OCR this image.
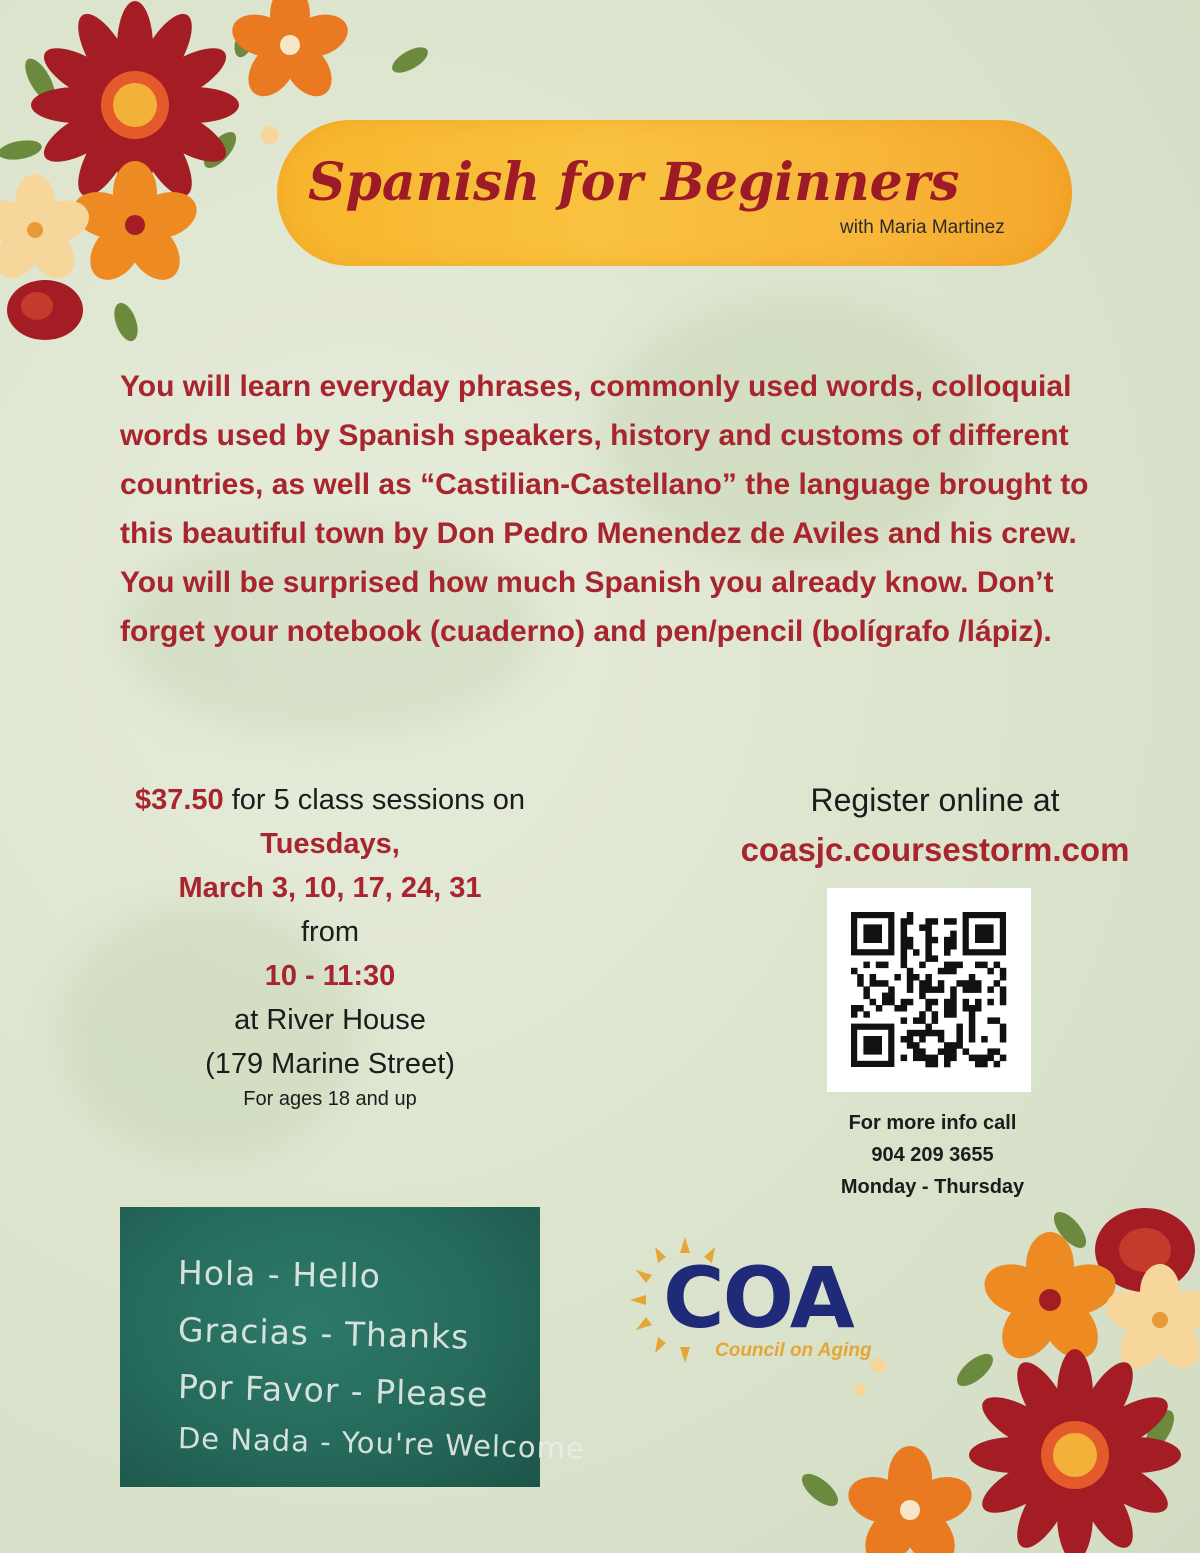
Spanish for Beginners
with Maria Martinez
You will learn everyday phrases, commonly used words, colloquial words used by Spanish speakers, history and customs of different countries, as well as “Castilian-Castellano” the language brought to this beautiful town by Don Pedro Menendez de Aviles and his crew. You will be surprised how much Spanish you already know. Don’t forget your notebook (cuaderno) and pen/pencil (bolígrafo /lápiz).
$37.50 for 5 class sessions on
Tuesdays,
March 3, 10, 17, 24, 31
from
10 - 11:30
at River House
(179 Marine Street)
For ages 18 and up
Register online at
coasjc.coursestorm.com
For more info call
904 209 3655
Monday - Thursday
Hola - Hello
Gracias - Thanks
Por Favor - Please
De Nada - You're Welcome
COA
Council on Aging
